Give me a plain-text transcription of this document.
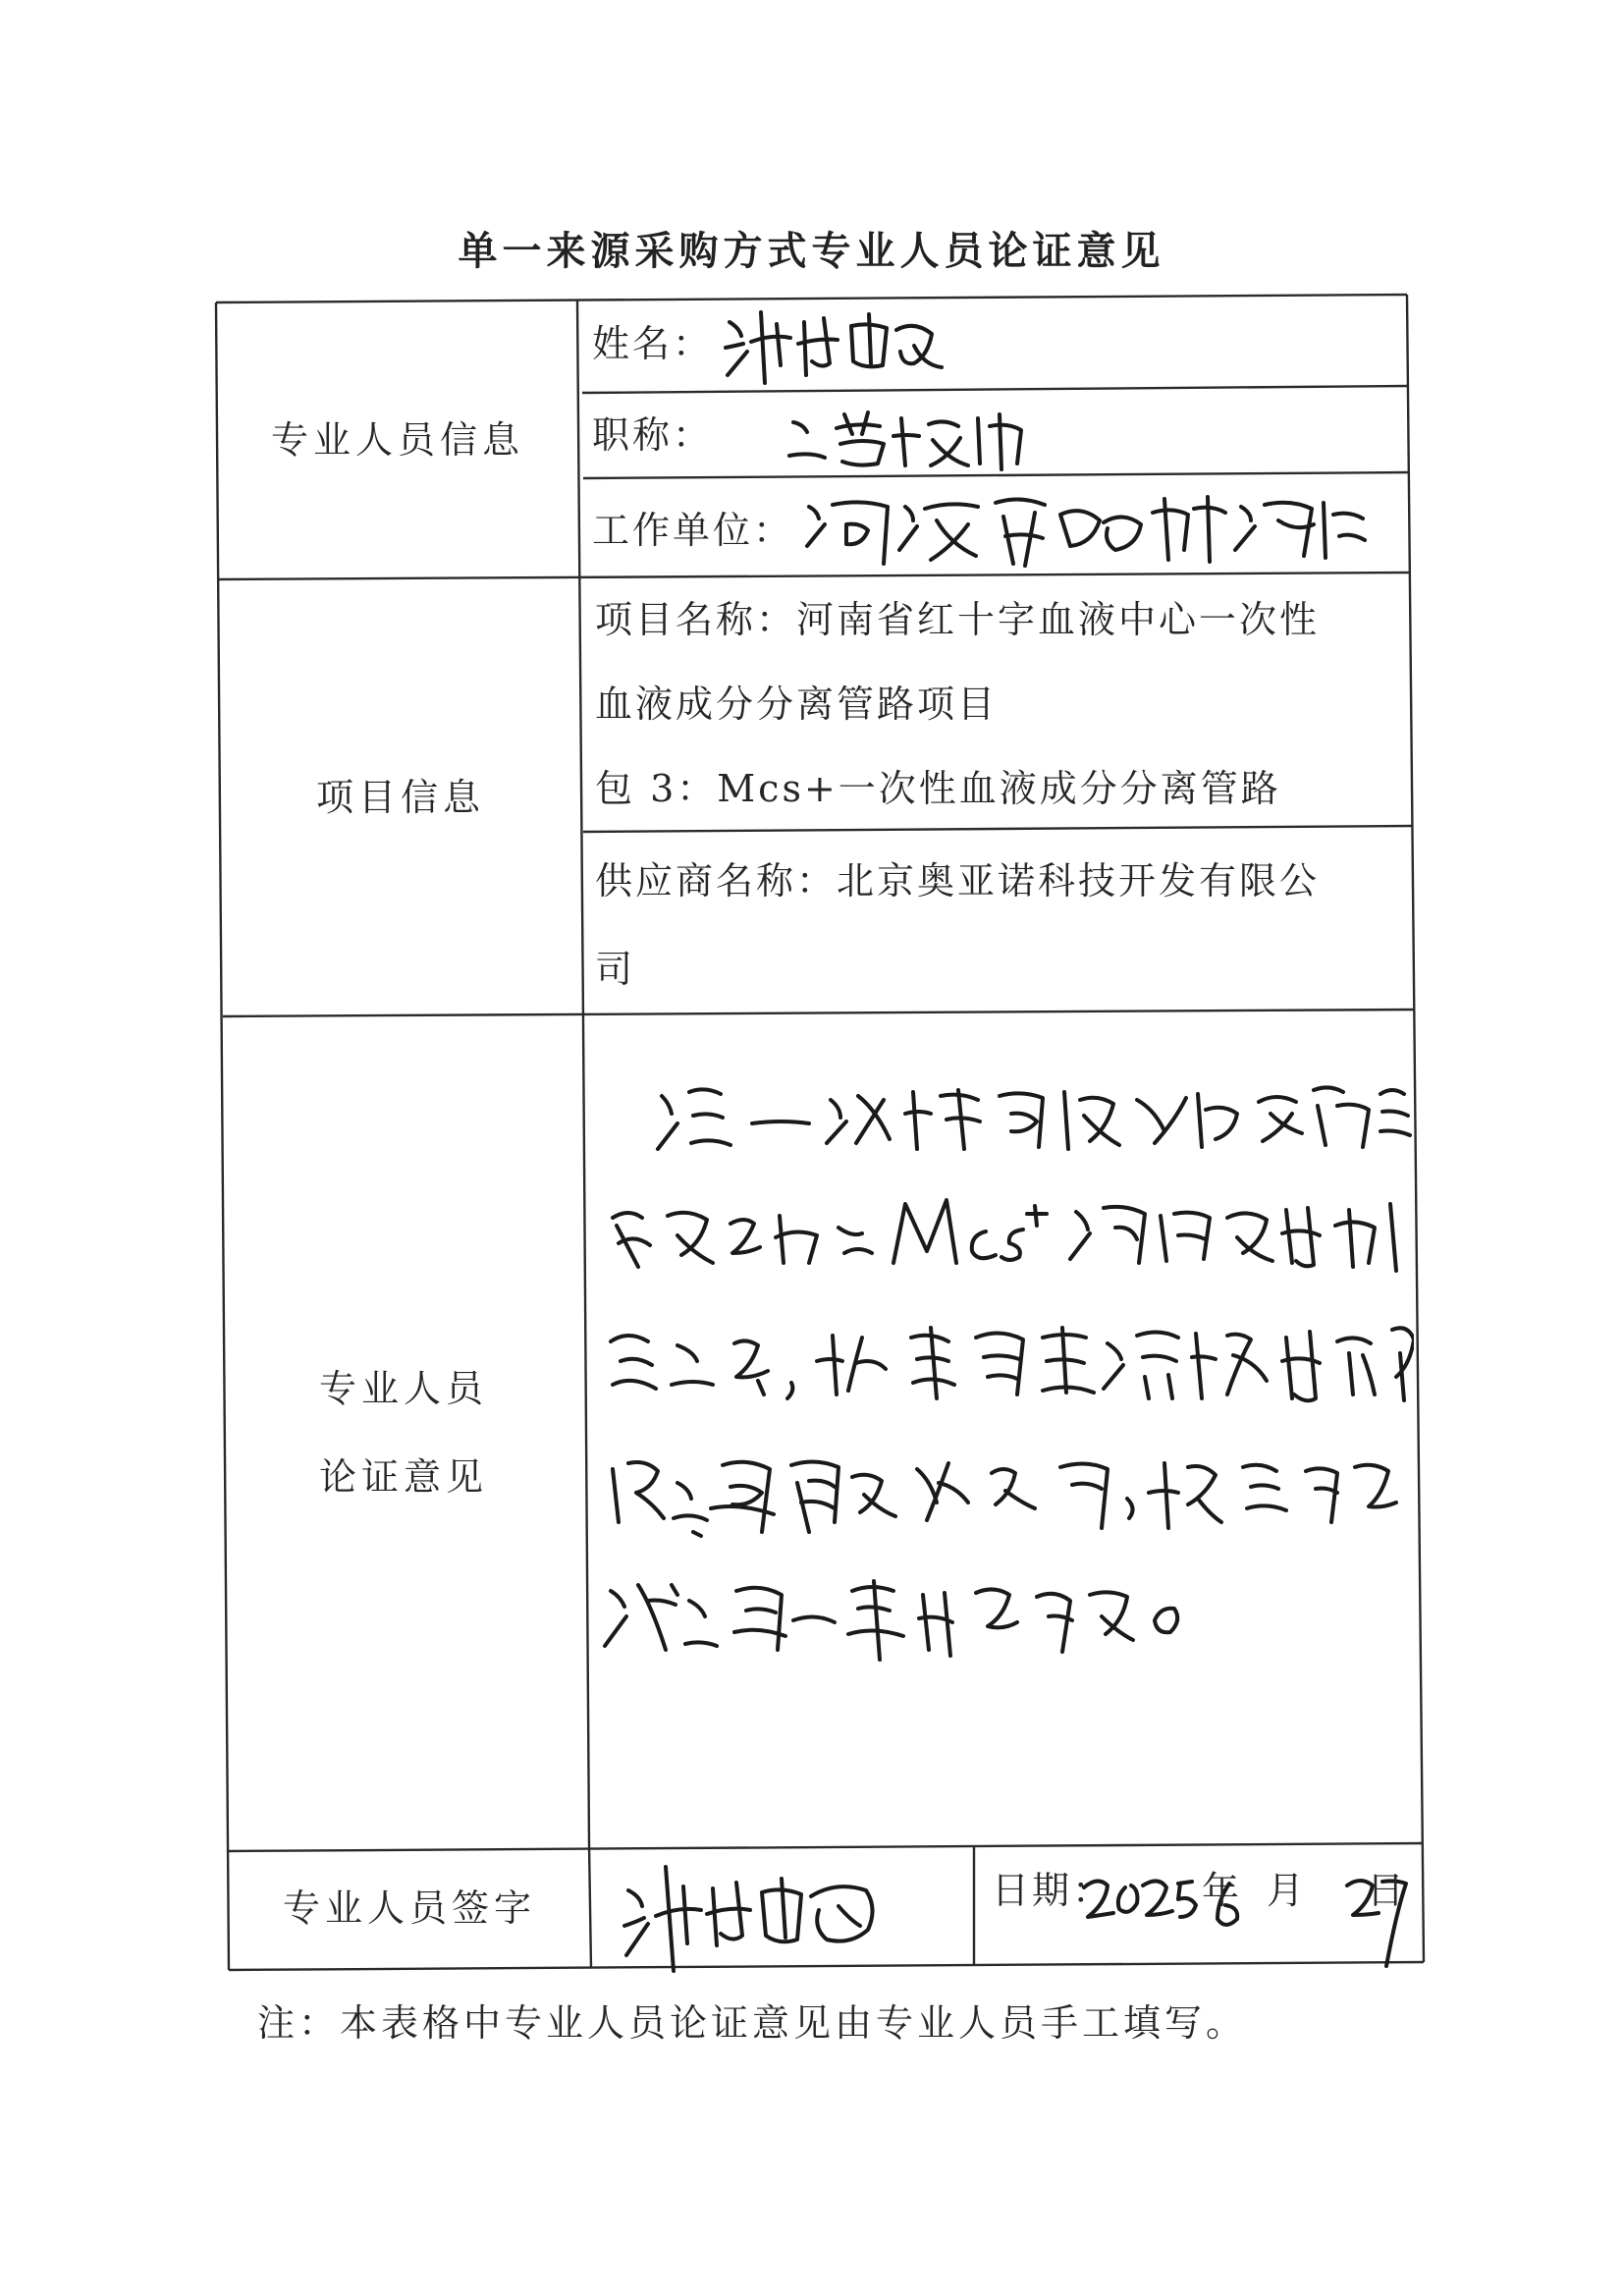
单一来源采购方式专业人员论证意见
专业人员信息
项目信息
专业人员
论证意见
专业人员签字
姓名：
职称：
工作单位：
项目名称：河南省红十字血液中心一次性
血液成分分离管路项目
包 3：Mcs+一次性血液成分分离管路
供应商名称：北京奥亚诺科技开发有限公
司
日期： 年 月 日
注：本表格中专业人员论证意见由专业人员手工填写。
